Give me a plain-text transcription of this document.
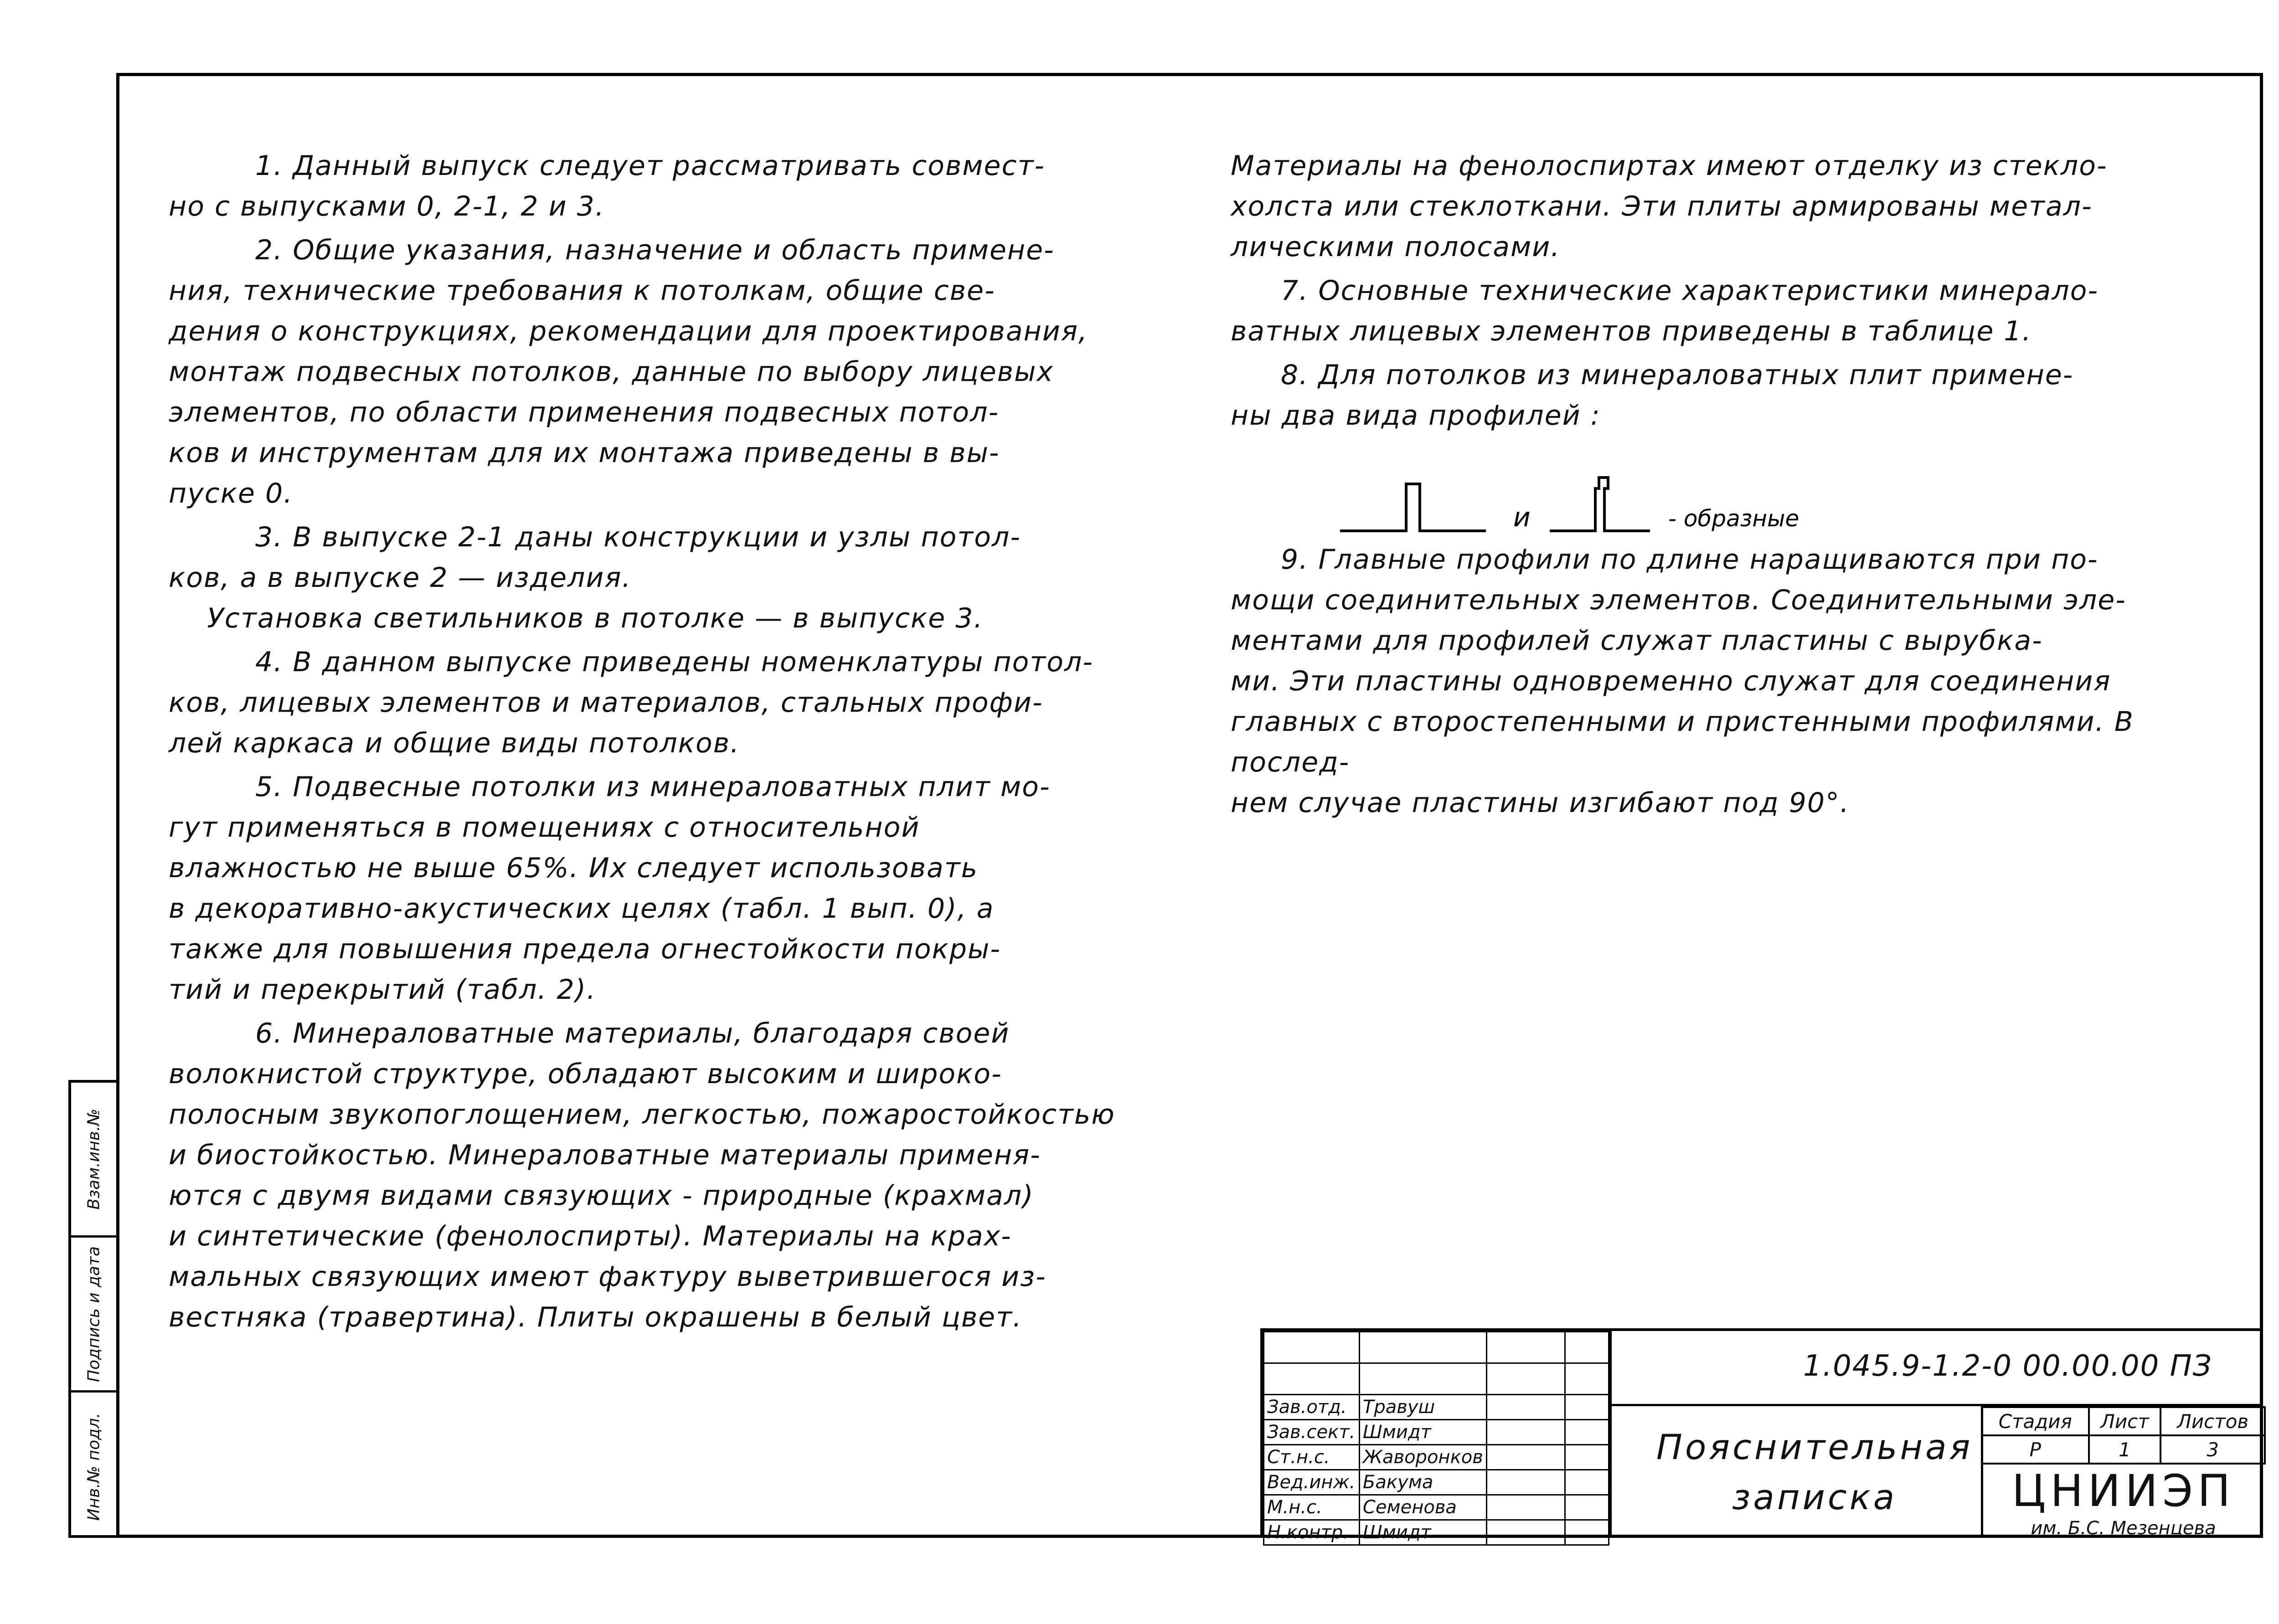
Взам.инв.№
Подпись и дата
Инв.№ подл.

1. Данный выпуск следует рассматривать совмест-
но с выпусками 0, 2-1, 2 и 3.

2. Общие указания, назначение и область примене-
ния, технические требования к потолкам, общие све-
дения о конструкциях, рекомендации для проектирования,
монтаж подвесных потолков, данные по выбору лицевых
элементов, по области применения подвесных потол-
ков и инструментам для их монтажа приведены в вы-
пуске 0.

3. В выпуске 2-1 даны конструкции и узлы потол-
ков, а в выпуске 2 — изделия.
Установка светильников в потолке — в выпуске 3.

4. В данном выпуске приведены номенклатуры потол-
ков, лицевых элементов и материалов, стальных профи-
лей каркаса и общие виды потолков.

5. Подвесные потолки из минераловатных плит мо-
гут применяться в помещениях с относительной
влажностью не выше 65%. Их следует использовать
в декоративно-акустических целях (табл. 1 вып. 0), а
также для повышения предела огнестойкости покры-
тий и перекрытий (табл. 2).

6. Минераловатные материалы, благодаря своей
волокнистой структуре, обладают высоким и широко-
полосным звукопоглощением, легкостью, пожаростойкостью
и биостойкостью. Минераловатные материалы применя-
ются с двумя видами связующих - природные (крахмал)
и синтетические (фенолоспирты). Материалы на крах-
мальных связующих имеют фактуру выветрившегося из-
вестняка (травертина). Плиты окрашены в белый цвет.

Материалы на фенолоспиртах имеют отделку из стекло-
холста или стеклоткани. Эти плиты армированы метал-
лическими полосами.

7. Основные технические характеристики минерало-
ватных лицевых элементов приведены в таблице 1.

8. Для потолков из минераловатных плит примене-
ны два вида профилей :

9. Главные профили по длине наращиваются при по-
мощи соединительных элементов. Соединительными эле-
ментами для профилей служат пластины с вырубка-
ми. Эти пластины одновременно служат для соединения
главных с второстепенными и пристенными профилями. В послед-
нем случае пластины изгибают под 90°.

и	- образные

Зав.отд.	Травуш		
Зав.сект.	Шмидт		
Ст.н.с.	Жаворонков		
Вед.инж.	Бакума		
М.н.с.	Семенова		
Н.контр.	Шмидт		
1.045.9-1.2-0 00.00.00 ПЗ
Пояснительная записка
Стадия	Лист	Листов
Р	1	3
ЦНИИЭП
им. Б.С. Мезенцева
